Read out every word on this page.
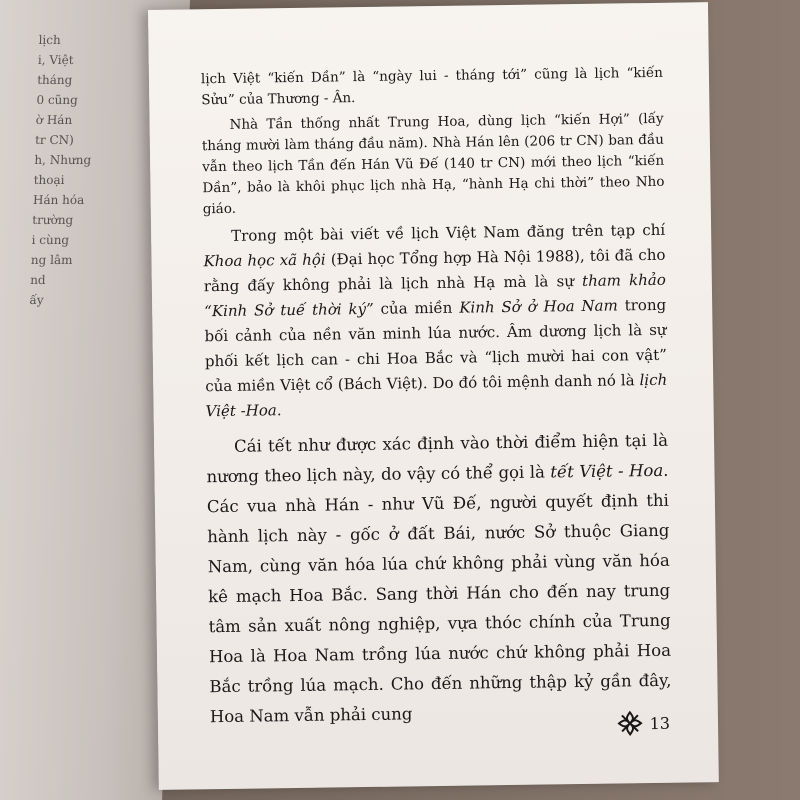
lịch
i, Việt
tháng
0 cũng
ờ Hán
tr CN)
h, Nhưng
thoại
Hán hóa
trường
i cùng
ng lâm
nd
ấy

lịch Việt “kiến Dần” là “ngày lui - tháng tới” cũng là lịch “kiến Sửu” của Thương - Ân.

Nhà Tần thống nhất Trung Hoa, dùng lịch “kiến Hợi” (lấy tháng mười làm tháng đầu năm). Nhà Hán lên (206 tr CN) ban đầu vẫn theo lịch Tần đến Hán Vũ Đế (140 tr CN) mới theo lịch “kiến Dần”, bảo là khôi phục lịch nhà Hạ, “hành Hạ chi thời” theo Nho giáo.

Trong một bài viết về lịch Việt Nam đăng trên tạp chí Khoa học xã hội (Đại học Tổng hợp Hà Nội 1988), tôi đã cho rằng đấy không phải là lịch nhà Hạ mà là sự tham khảo “Kinh Sở tuế thời ký” của miền Kinh Sở ở Hoa Nam trong bối cảnh của nền văn minh lúa nước. Âm dương lịch là sự phối kết lịch can - chi Hoa Bắc và “lịch mười hai con vật” của miền Việt cổ (Bách Việt). Do đó tôi mệnh danh nó là lịch Việt -Hoa.

Cái tết như được xác định vào thời điểm hiện tại là nương theo lịch này, do vậy có thể gọi là tết Việt - Hoa. Các vua nhà Hán - như Vũ Đế, người quyết định thi hành lịch này - gốc ở đất Bái, nước Sở thuộc Giang Nam, cùng văn hóa lúa chứ không phải vùng văn hóa kê mạch Hoa Bắc. Sang thời Hán cho đến nay trung tâm sản xuất nông nghiệp, vựa thóc chính của Trung Hoa là Hoa Nam trồng lúa nước chứ không phải Hoa Bắc trồng lúa mạch. Cho đến những thập kỷ gần đây, Hoa Nam vẫn phải cung	13
